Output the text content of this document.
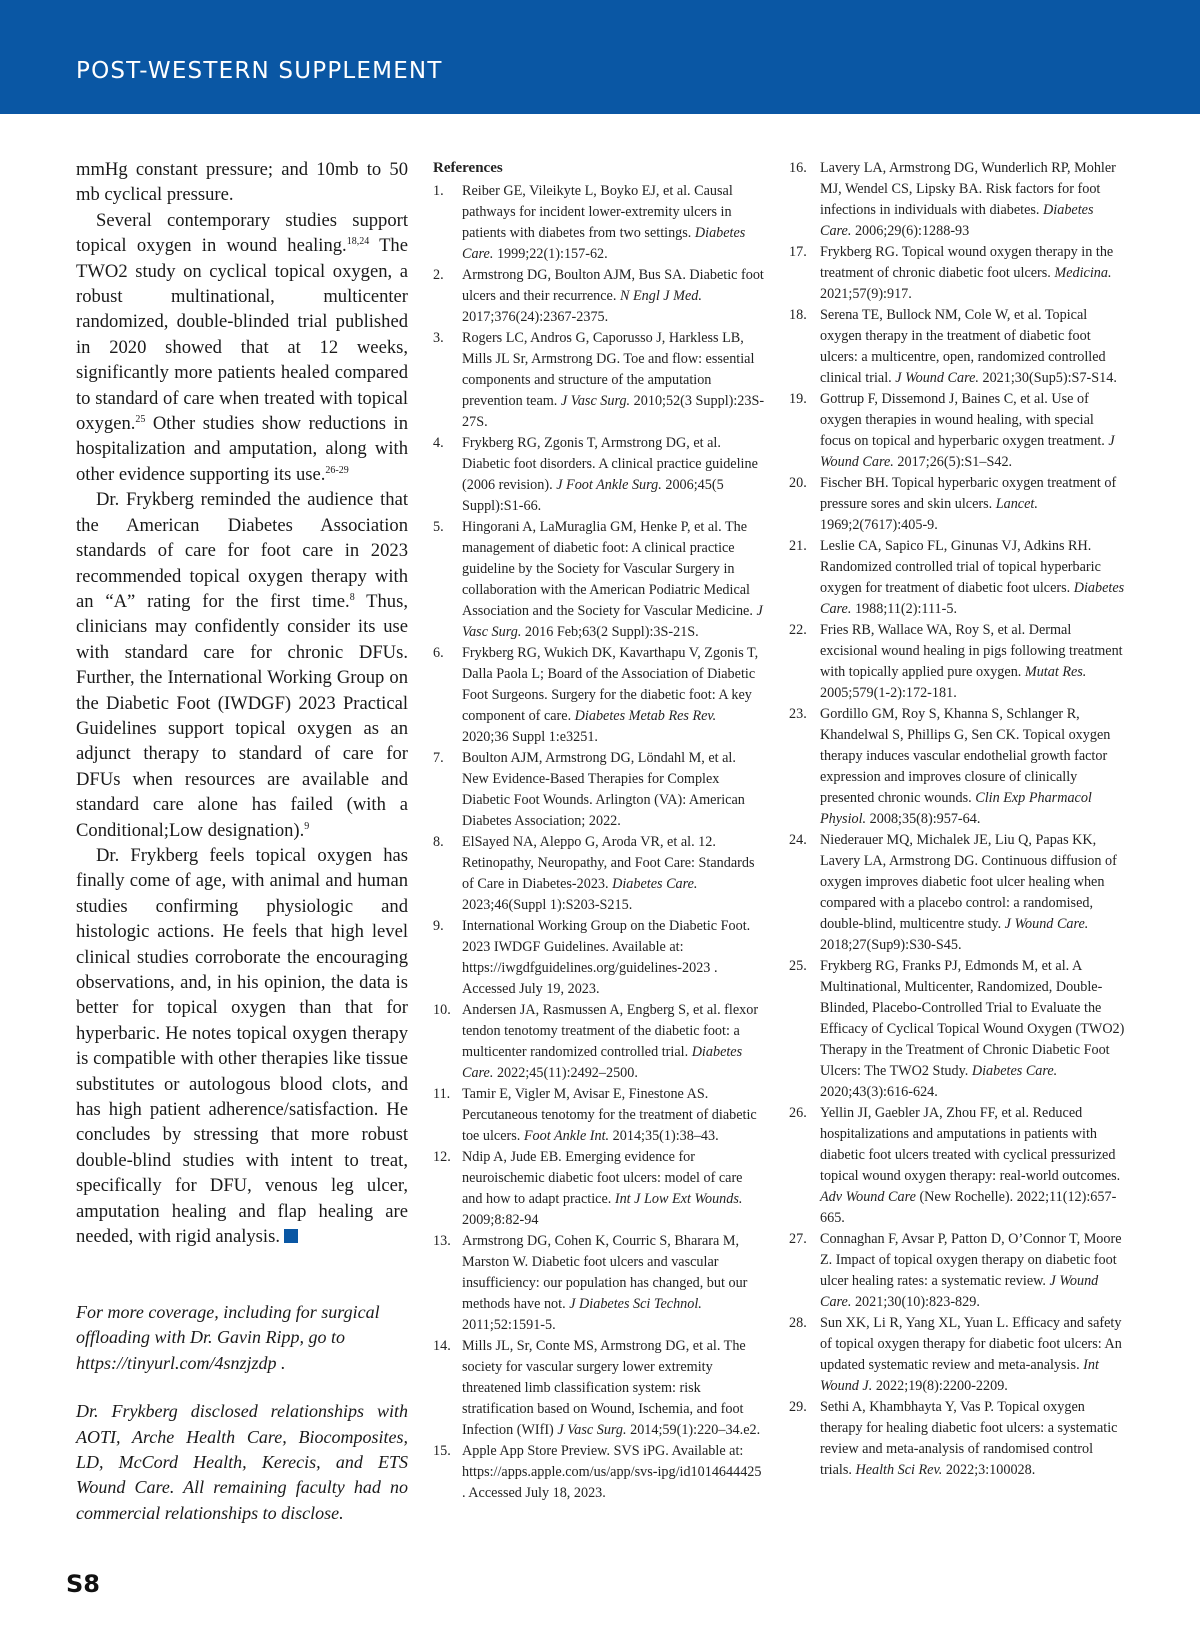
POST-WESTERN SUPPLEMENT

mmHg constant pressure; and 10mb to 50 mb cyclical pressure.

Several contemporary studies support topical oxygen in wound healing.$^{18,24}$ The TWO2 study on cyclical topical oxygen, a robust multinational, multicenter randomized, double-blinded trial published in 2020 showed that at 12 weeks, significantly more patients healed compared to standard of care when treated with topical oxygen.$^{25}$ Other studies show reductions in hospitalization and amputation, along with other evidence supporting its use.$^{26-29}$

Dr. Frykberg reminded the audience that the American Diabetes Association standards of care for foot care in 2023 recommended topical oxygen therapy with an “A” rating for the first time.$^8$ Thus, clinicians may confidently consider its use with standard care for chronic DFUs. Further, the International Working Group on the Diabetic Foot (IWDGF) 2023 Practical Guidelines support topical oxygen as an adjunct therapy to standard of care for DFUs when resources are available and standard care alone has failed (with a Conditional;Low designation).$^9$

Dr. Frykberg feels topical oxygen has finally come of age, with animal and human studies confirming physiologic and histologic actions. He feels that high level clinical studies corroborate the encouraging observations, and, in his opinion, the data is better for topical oxygen than that for hyperbaric. He notes topical oxygen therapy is compatible with other therapies like tissue substitutes or autologous blood clots, and has high patient adherence/satisfaction. He concludes by stressing that more robust double-blind studies with intent to treat, specifically for DFU, venous leg ulcer, amputation healing and flap healing are needed, with rigid analysis.

For more coverage, including for surgical offloading with Dr. Gavin Ripp, go to https://tinyurl.com/4snzjzdp .

Dr. Frykberg disclosed relationships with AOTI, Arche Health Care, Biocomposites, LD, McCord Health, Kerecis, and ETS Wound Care. All remaining faculty had no commercial relationships to disclose.

References

1. Reiber GE, Vileikyte L, Boyko EJ, et al. Causal pathways for incident lower-extremity ulcers in patients with diabetes from two settings. Diabetes Care. 1999;22(1):157-62.

2. Armstrong DG, Boulton AJM, Bus SA. Diabetic foot ulcers and their recurrence. N Engl J Med. 2017;376(24):2367-2375.

3. Rogers LC, Andros G, Caporusso J, Harkless LB, Mills JL Sr, Armstrong DG. Toe and flow: essential components and structure of the amputation prevention team. J Vasc Surg. 2010;52(3 Suppl):23S-27S.

4. Frykberg RG, Zgonis T, Armstrong DG, et al. Diabetic foot disorders. A clinical practice guideline (2006 revision). J Foot Ankle Surg. 2006;45(5 Suppl):S1-66.

5. Hingorani A, LaMuraglia GM, Henke P, et al. The management of diabetic foot: A clinical practice guideline by the Society for Vascular Surgery in collaboration with the American Podiatric Medical Association and the Society for Vascular Medicine. J Vasc Surg. 2016 Feb;63(2 Suppl):3S-21S.

6. Frykberg RG, Wukich DK, Kavarthapu V, Zgonis T, Dalla Paola L; Board of the Association of Diabetic Foot Surgeons. Surgery for the diabetic foot: A key component of care. Diabetes Metab Res Rev. 2020;36 Suppl 1:e3251.

7. Boulton AJM, Armstrong DG, Löndahl M, et al. New Evidence-Based Therapies for Complex Diabetic Foot Wounds. Arlington (VA): American Diabetes Association; 2022.

8. ElSayed NA, Aleppo G, Aroda VR, et al. 12. Retinopathy, Neuropathy, and Foot Care: Standards of Care in Diabetes-2023. Diabetes Care. 2023;46(Suppl 1):S203-S215.

9. International Working Group on the Diabetic Foot. 2023 IWDGF Guidelines. Available at: https://iwgdfguidelines.org/guidelines-2023 . Accessed July 19, 2023.

10. Andersen JA, Rasmussen A, Engberg S, et al. flexor tendon tenotomy treatment of the diabetic foot: a multicenter randomized controlled trial. Diabetes Care. 2022;45(11):2492–2500.

11. Tamir E, Vigler M, Avisar E, Finestone AS. Percutaneous tenotomy for the treatment of diabetic toe ulcers. Foot Ankle Int. 2014;35(1):38–43.

12. Ndip A, Jude EB. Emerging evidence for neuroischemic diabetic foot ulcers: model of care and how to adapt practice. Int J Low Ext Wounds. 2009;8:82-94

13. Armstrong DG, Cohen K, Courric S, Bharara M, Marston W. Diabetic foot ulcers and vascular insufficiency: our population has changed, but our methods have not. J Diabetes Sci Technol. 2011;52:1591-5.

14. Mills JL, Sr, Conte MS, Armstrong DG, et al. The society for vascular surgery lower extremity threatened limb classification system: risk stratification based on Wound, Ischemia, and foot Infection (WIfI) J Vasc Surg. 2014;59(1):220–34.e2.

15. Apple App Store Preview. SVS iPG. Available at: https://apps.apple.com/us/app/svs-ipg/id1014644425 . Accessed July 18, 2023.

16. Lavery LA, Armstrong DG, Wunderlich RP, Mohler MJ, Wendel CS, Lipsky BA. Risk factors for foot infections in individuals with diabetes. Diabetes Care. 2006;29(6):1288-93

17. Frykberg RG. Topical wound oxygen therapy in the treatment of chronic diabetic foot ulcers. Medicina. 2021;57(9):917.

18. Serena TE, Bullock NM, Cole W, et al. Topical oxygen therapy in the treatment of diabetic foot ulcers: a multicentre, open, randomized controlled clinical trial. J Wound Care. 2021;30(Sup5):S7-S14.

19. Gottrup F, Dissemond J, Baines C, et al. Use of oxygen therapies in wound healing, with special focus on topical and hyperbaric oxygen treatment. J Wound Care. 2017;26(5):S1–S42.

20. Fischer BH. Topical hyperbaric oxygen treatment of pressure sores and skin ulcers. Lancet. 1969;2(7617):405-9.

21. Leslie CA, Sapico FL, Ginunas VJ, Adkins RH. Randomized controlled trial of topical hyperbaric oxygen for treatment of diabetic foot ulcers. Diabetes Care. 1988;11(2):111-5.

22. Fries RB, Wallace WA, Roy S, et al. Dermal excisional wound healing in pigs following treatment with topically applied pure oxygen. Mutat Res. 2005;579(1-2):172-181.

23. Gordillo GM, Roy S, Khanna S, Schlanger R, Khandelwal S, Phillips G, Sen CK. Topical oxygen therapy induces vascular endothelial growth factor expression and improves closure of clinically presented chronic wounds. Clin Exp Pharmacol Physiol. 2008;35(8):957-64.

24. Niederauer MQ, Michalek JE, Liu Q, Papas KK, Lavery LA, Armstrong DG. Continuous diffusion of oxygen improves diabetic foot ulcer healing when compared with a placebo control: a randomised, double-blind, multicentre study. J Wound Care. 2018;27(Sup9):S30-S45.

25. Frykberg RG, Franks PJ, Edmonds M, et al. A Multinational, Multicenter, Randomized, Double-Blinded, Placebo-Controlled Trial to Evaluate the Efficacy of Cyclical Topical Wound Oxygen (TWO2) Therapy in the Treatment of Chronic Diabetic Foot Ulcers: The TWO2 Study. Diabetes Care. 2020;43(3):616-624.

26. Yellin JI, Gaebler JA, Zhou FF, et al. Reduced hospitalizations and amputations in patients with diabetic foot ulcers treated with cyclical pressurized topical wound oxygen therapy: real-world outcomes. Adv Wound Care (New Rochelle). 2022;11(12):657-665.

27. Connaghan F, Avsar P, Patton D, O’Connor T, Moore Z. Impact of topical oxygen therapy on diabetic foot ulcer healing rates: a systematic review. J Wound Care. 2021;30(10):823-829.

28. Sun XK, Li R, Yang XL, Yuan L. Efficacy and safety of topical oxygen therapy for diabetic foot ulcers: An updated systematic review and meta-analysis. Int Wound J. 2022;19(8):2200-2209.

29. Sethi A, Khambhayta Y, Vas P. Topical oxygen therapy for healing diabetic foot ulcers: a systematic review and meta-analysis of randomised control trials. Health Sci Rev. 2022;3:100028.

S8
